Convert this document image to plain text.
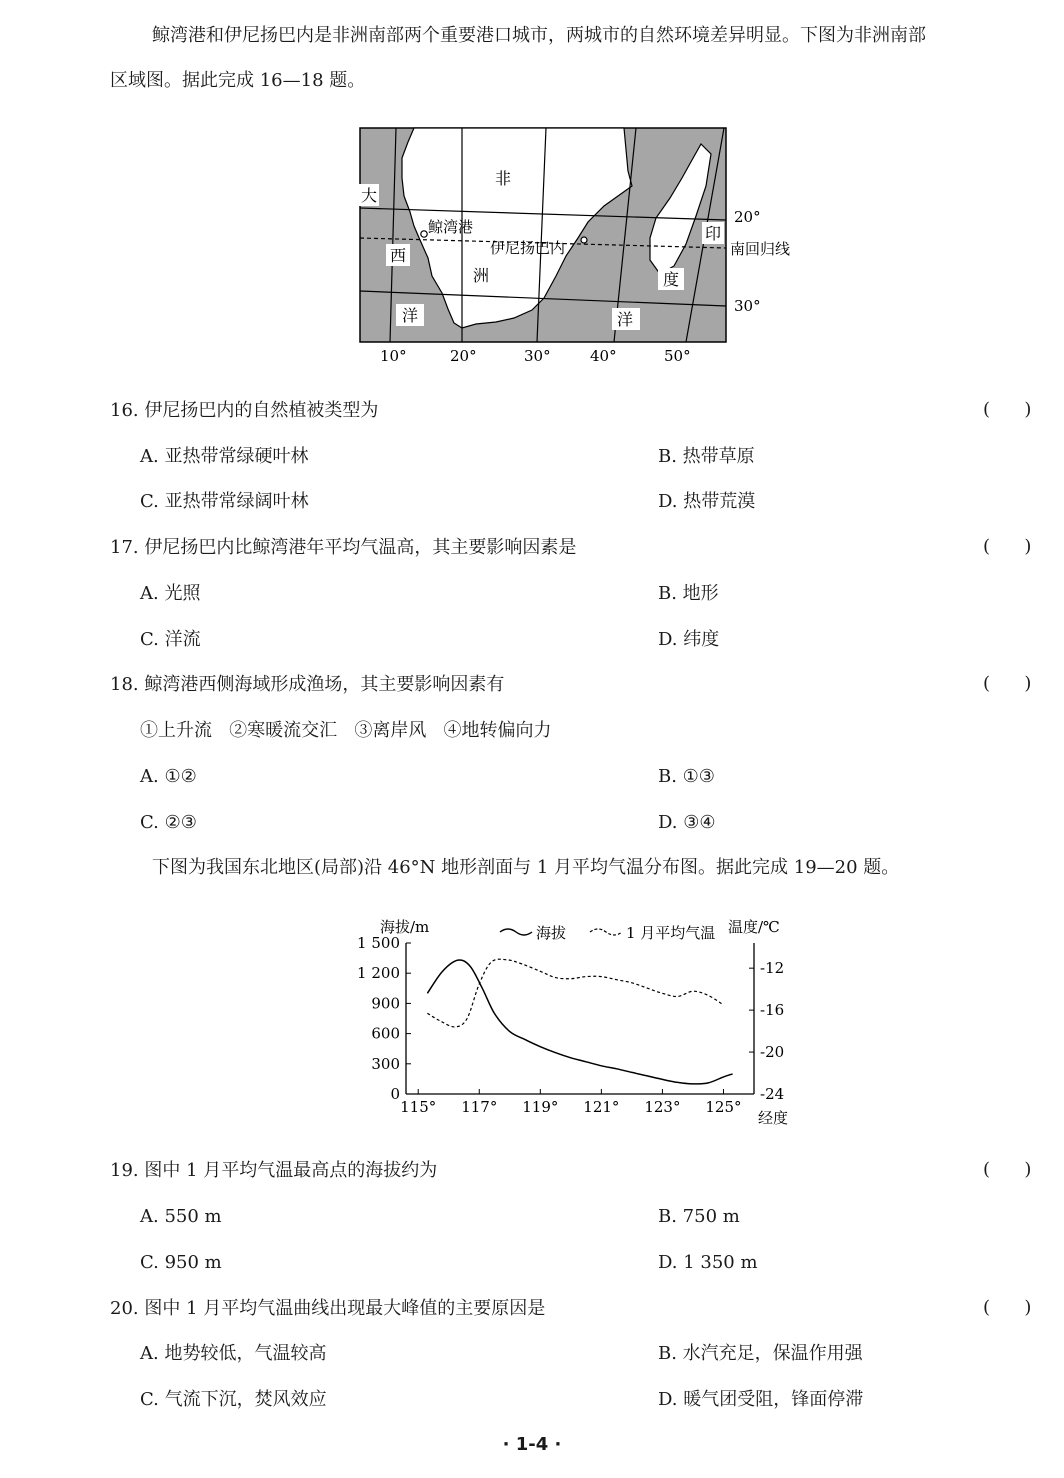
鲸湾港和伊尼扬巴内是非洲南部两个重要港口城市，两城市的自然环境差异明显。下图为非洲南部
区域图。据此完成 16—18 题。
非
大
西
洲
洋
印
度
洋
鲸湾港
伊尼扬巴内
20°
南回归线
30°
10°	20°	30°	40°	50°
16. 伊尼扬巴内的自然植被类型为	(      )
A. 亚热带常绿硬叶林	B. 热带草原
C. 亚热带常绿阔叶林	D. 热带荒漠
17. 伊尼扬巴内比鲸湾港年平均气温高，其主要影响因素是	(      )
A. 光照	B. 地形
C. 洋流	D. 纬度
18. 鲸湾港西侧海域形成渔场，其主要影响因素有	(      )
①上升流   ②寒暖流交汇   ③离岸风   ④地转偏向力
A. ①②	B. ①③
C. ②③	D. ③④
下图为我国东北地区(局部)沿 46°N 地形剖面与 1 月平均气温分布图。据此完成 19—20 题。
海拔	1 月平均气温
海拔/m	温度/℃
经度
0
300
600
900
1 200
1 500
-12
-16
-20
-24
115° 117° 119° 121° 123° 125°
19. 图中 1 月平均气温最高点的海拔约为	(      )
A. 550 m	B. 750 m
C. 950 m	D. 1 350 m
20. 图中 1 月平均气温曲线出现最大峰值的主要原因是	(      )
A. 地势较低，气温较高	B. 水汽充足，保温作用强
C. 气流下沉，焚风效应	D. 暖气团受阻，锋面停滞
· 1-4 ·
